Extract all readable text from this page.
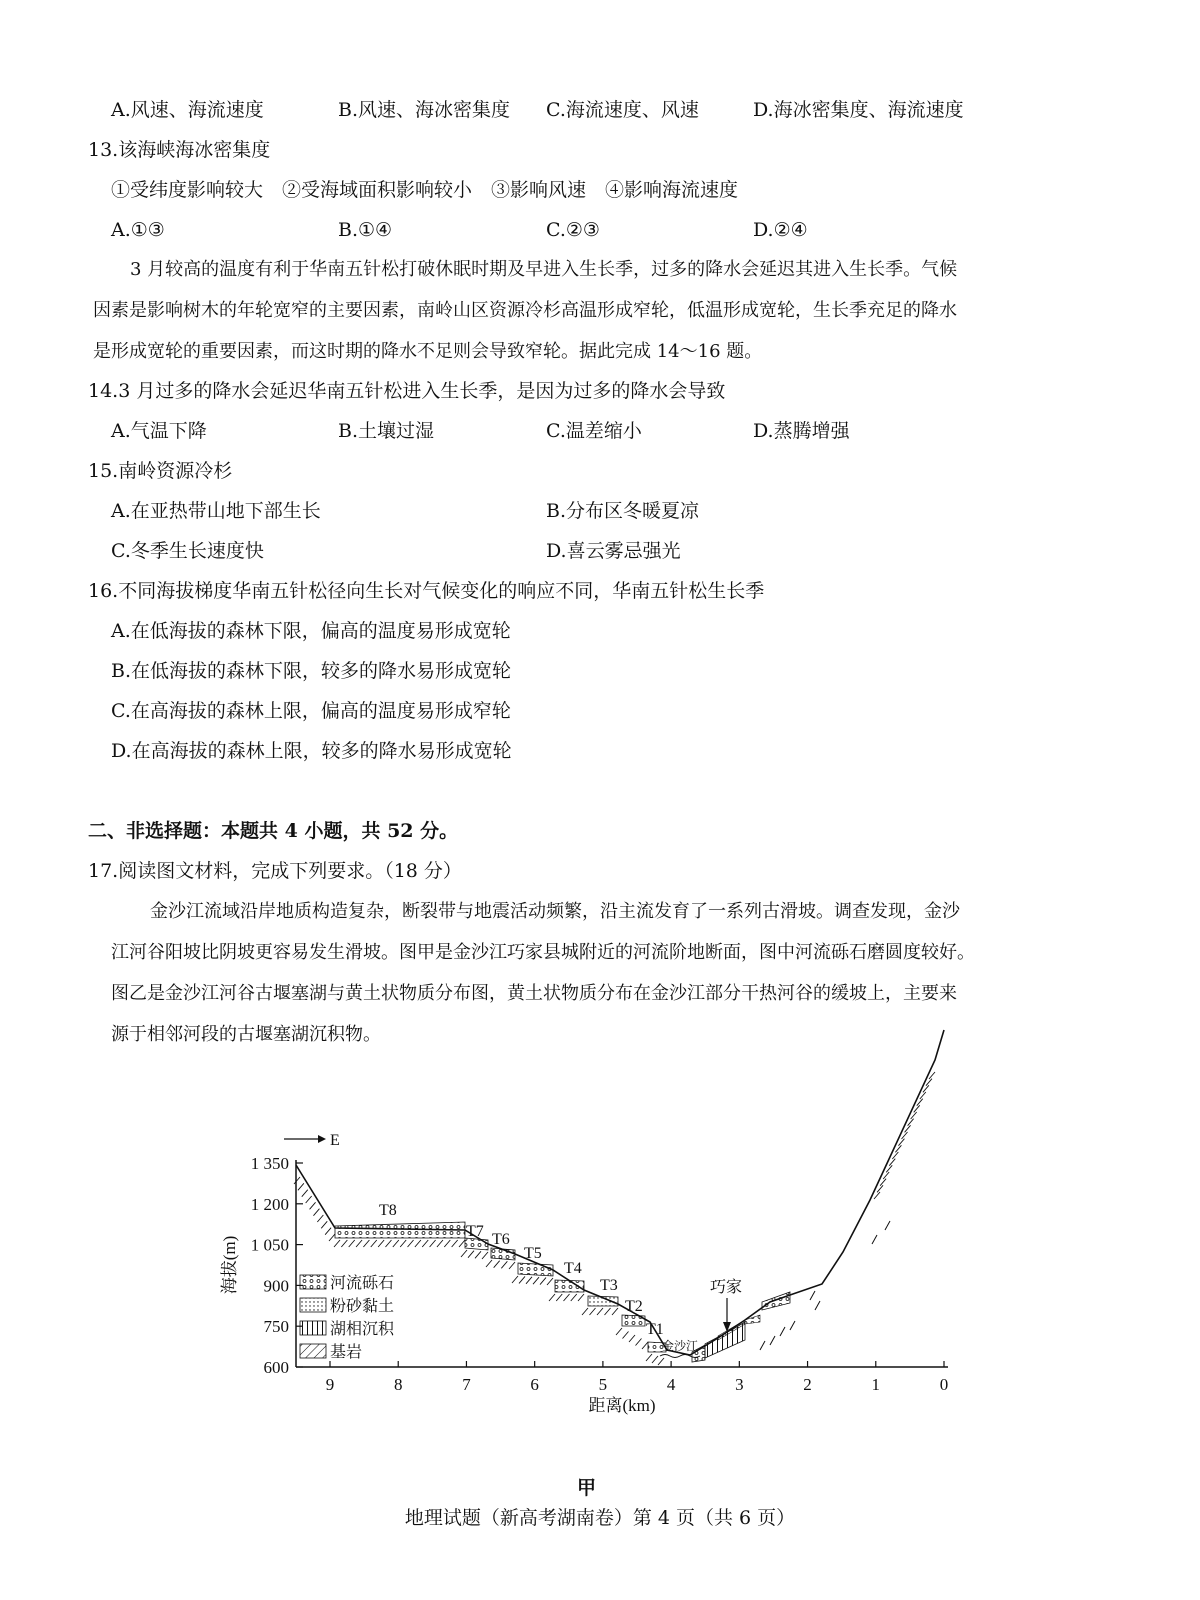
A.风速、海流速度	B.风速、海冰密集度 C.海流速度、风速	D.海冰密集度、海流速度
13.该海峡海冰密集度
①受纬度影响较大　②受海域面积影响较小　③影响风速　④影响海流速度
A.①③	B.①④	C.②③	D.②④
3 月较高的温度有利于华南五针松打破休眠时期及早进入生长季，过多的降水会延迟其进入生长季。气候
因素是影响树木的年轮宽窄的主要因素，南岭山区资源冷杉高温形成窄轮，低温形成宽轮，生长季充足的降水
是形成宽轮的重要因素，而这时期的降水不足则会导致窄轮。据此完成 14～16 题。
14.3 月过多的降水会延迟华南五针松进入生长季，是因为过多的降水会导致
A.气温下降	B.土壤过湿	C.温差缩小	D.蒸腾增强
15.南岭资源冷杉
A.在亚热带山地下部生长	B.分布区冬暖夏凉
C.冬季生长速度快	D.喜云雾忌强光
16.不同海拔梯度华南五针松径向生长对气候变化的响应不同，华南五针松生长季
A.在低海拔的森林下限，偏高的温度易形成宽轮
B.在低海拔的森林下限，较多的降水易形成宽轮
C.在高海拔的森林上限，偏高的温度易形成窄轮
D.在高海拔的森林上限，较多的降水易形成宽轮
二、非选择题：本题共 4 小题，共 52 分。
17.阅读图文材料，完成下列要求。（18 分）
金沙江流域沿岸地质构造复杂，断裂带与地震活动频繁，沿主流发育了一系列古滑坡。调查发现，金沙
江河谷阳坡比阴坡更容易发生滑坡。图甲是金沙江巧家县城附近的河流阶地断面，图中河流砾石磨圆度较好。
图乙是金沙江河谷古堰塞湖与黄土状物质分布图，黄土状物质分布在金沙江部分干热河谷的缓坡上，主要来
源于相邻河段的古堰塞湖沉积物。
1 350
1 200
1 050
900
750
600
9	8	7	6	5	4	3	2	1	0
海拔(m)
距离(km)
E
金沙江
巧家
T8
T7 T6
T5
T4
T3
T2
T1
河流砾石
粉砂黏土
湖相沉积
基岩
甲
地理试题（新高考湖南卷）第 4 页（共 6 页）
